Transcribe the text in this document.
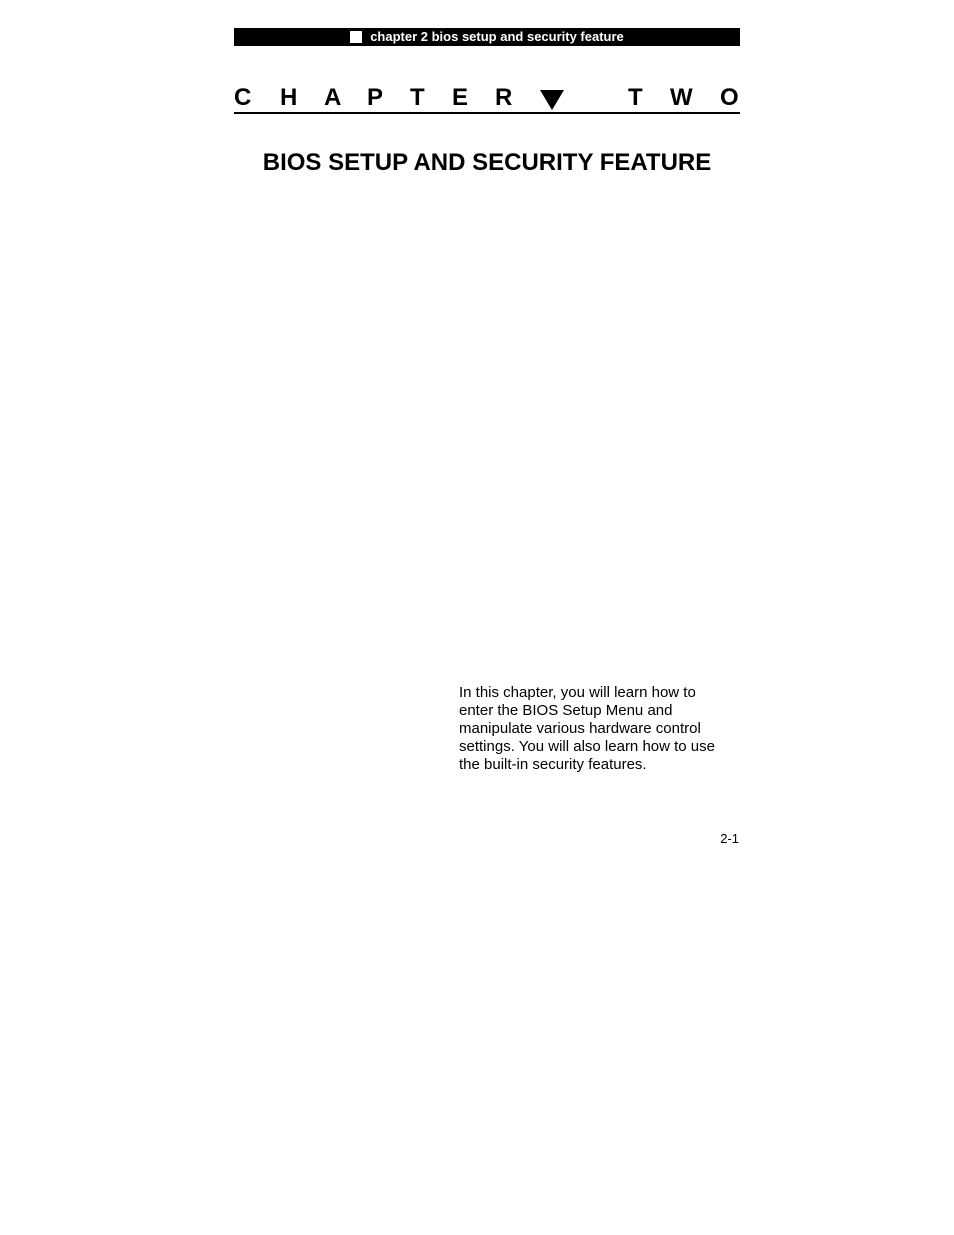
chapter 2 bios setup and security feature
C H A P T E R	T W O
BIOS SETUP AND SECURITY FEATURE
In this chapter, you will learn how to
enter the BIOS Setup Menu and
manipulate various hardware control
settings. You will also learn how to use
the built-in security features.
2-1
